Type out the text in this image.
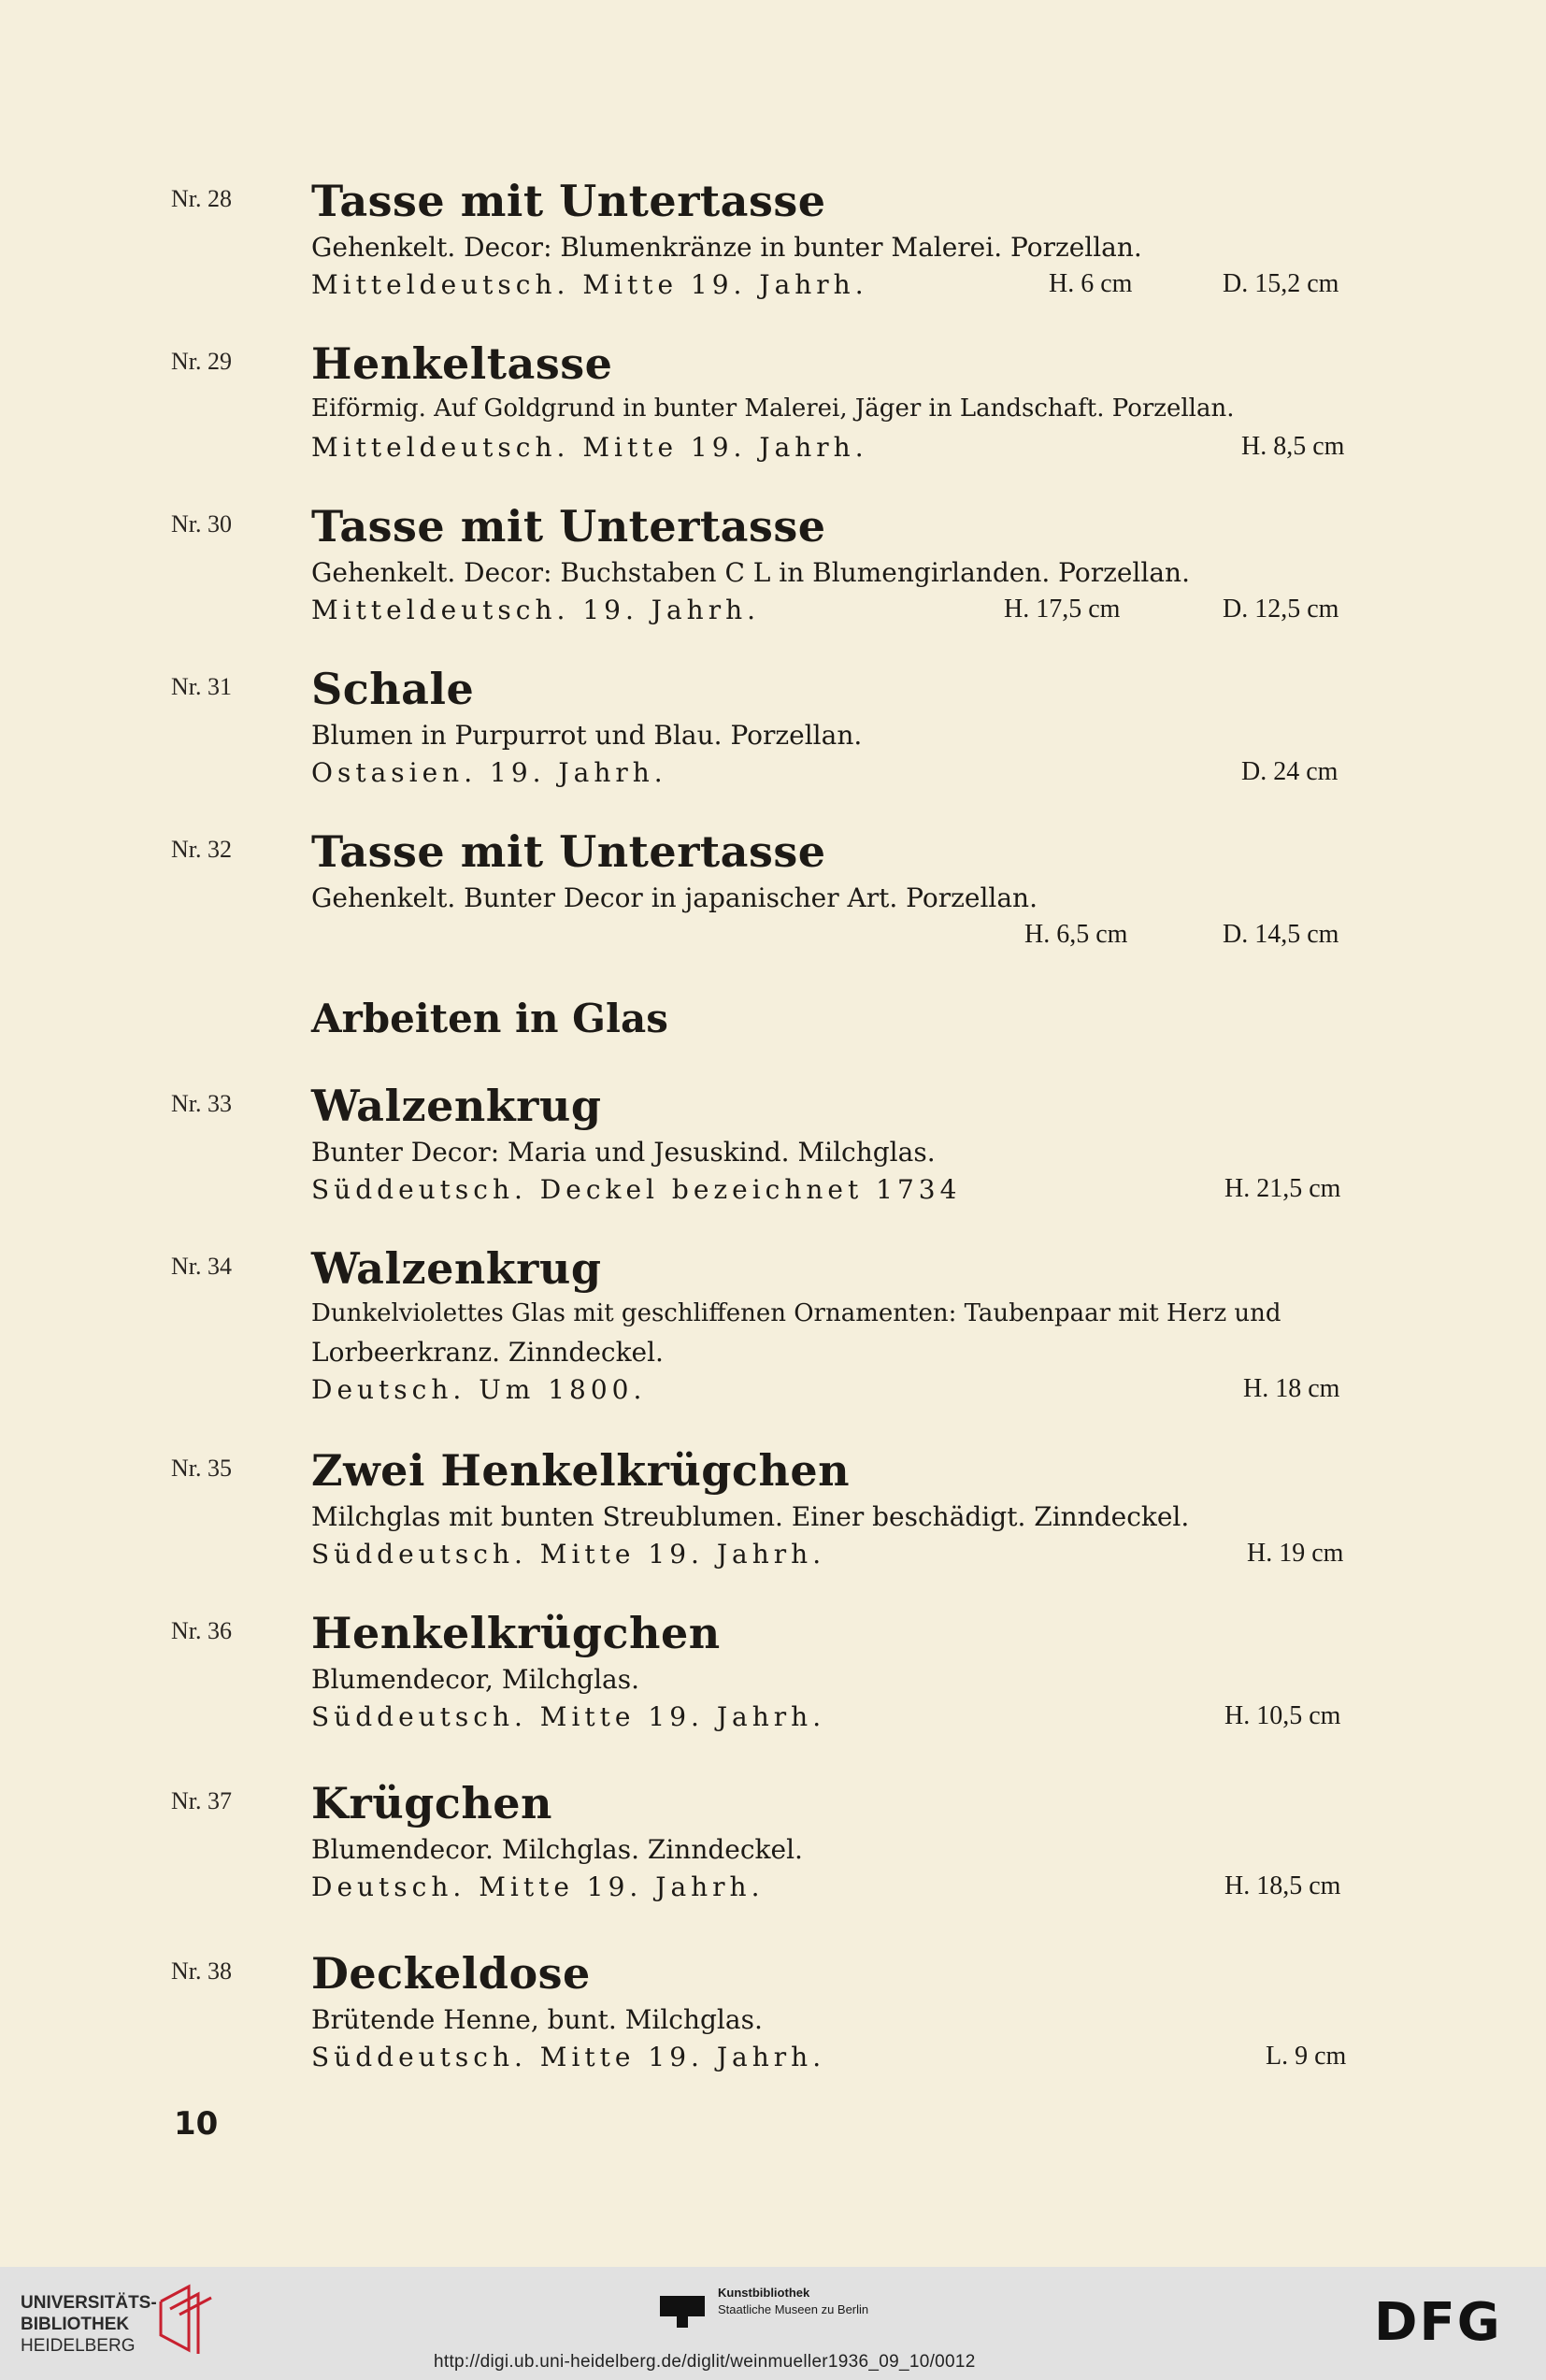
Nr. 28 Tasse mit Untertasse
Gehenkelt. Decor: Blumenkränze in bunter Malerei. Porzellan.
Mitteldeutsch. Mitte 19. Jahrh.	H. 6 cm	D. 15,2 cm
Nr. 29 Henkeltasse
Eiförmig. Auf Goldgrund in bunter Malerei, Jäger in Landschaft. Porzellan.
Mitteldeutsch. Mitte 19. Jahrh.	H. 8,5 cm
Nr. 30 Tasse mit Untertasse
Gehenkelt. Decor: Buchstaben C L in Blumengirlanden. Porzellan.
Mitteldeutsch. 19. Jahrh.	H. 17,5 cm	D. 12,5 cm
Nr. 31 Schale
Blumen in Purpurrot und Blau. Porzellan.
Ostasien. 19. Jahrh.	D. 24 cm
Nr. 32 Tasse mit Untertasse
Gehenkelt. Bunter Decor in japanischer Art. Porzellan.
H. 6,5 cm	D. 14,5 cm
Arbeiten in Glas
Nr. 33 Walzenkrug
Bunter Decor: Maria und Jesuskind. Milchglas.
Süddeutsch. Deckel bezeichnet 1734	H. 21,5 cm
Nr. 34 Walzenkrug
Dunkelviolettes Glas mit geschliffenen Ornamenten: Taubenpaar mit Herz und
Lorbeerkranz. Zinndeckel.
Deutsch. Um 1800.	H. 18 cm
Nr. 35 Zwei Henkelkrügchen
Milchglas mit bunten Streublumen. Einer beschädigt. Zinndeckel.
Süddeutsch. Mitte 19. Jahrh.	H. 19 cm
Nr. 36 Henkelkrügchen
Blumendecor, Milchglas.
Süddeutsch. Mitte 19. Jahrh.	H. 10,5 cm
Nr. 37 Krügchen
Blumendecor. Milchglas. Zinndeckel.
Deutsch. Mitte 19. Jahrh.	H. 18,5 cm
Nr. 38 Deckeldose
Brütende Henne, bunt. Milchglas.
Süddeutsch. Mitte 19. Jahrh.	L. 9 cm
10
UNIVERSITÄTS-
BIBLIOTHEK
HEIDELBERG
Kunstbibliothek
Staatliche Museen zu Berlin	DFG
http://digi.ub.uni-heidelberg.de/diglit/weinmueller1936_09_10/0012
